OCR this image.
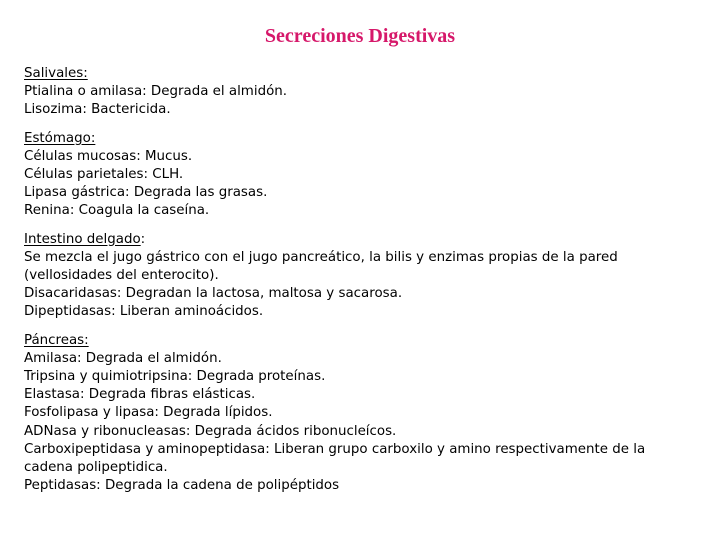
Secreciones Digestivas
Salivales:
Ptialina o amilasa: Degrada el almidón.
Lisozima: Bactericida.
Estómago:
Células mucosas: Mucus.
Células parietales: CLH.
Lipasa gástrica: Degrada las grasas.
Renina: Coagula la caseína.
Intestino delgado:
Se mezcla el jugo gástrico con el jugo pancreático, la bilis y enzimas propias de la pared (vellosidades del enterocito).
Disacaridasas: Degradan la lactosa, maltosa y sacarosa.
Dipeptidasas: Liberan aminoácidos.
Páncreas:
Amilasa: Degrada el almidón.
Tripsina y quimiotripsina: Degrada proteínas.
Elastasa: Degrada fibras elásticas.
Fosfolipasa y lipasa: Degrada lípidos.
ADNasa y ribonucleasas: Degrada ácidos ribonucleícos.
Carboxipeptidasa y aminopeptidasa: Liberan grupo carboxilo y amino respectivamente de la cadena polipeptidica.
Peptidasas: Degrada la cadena de polipéptidos
